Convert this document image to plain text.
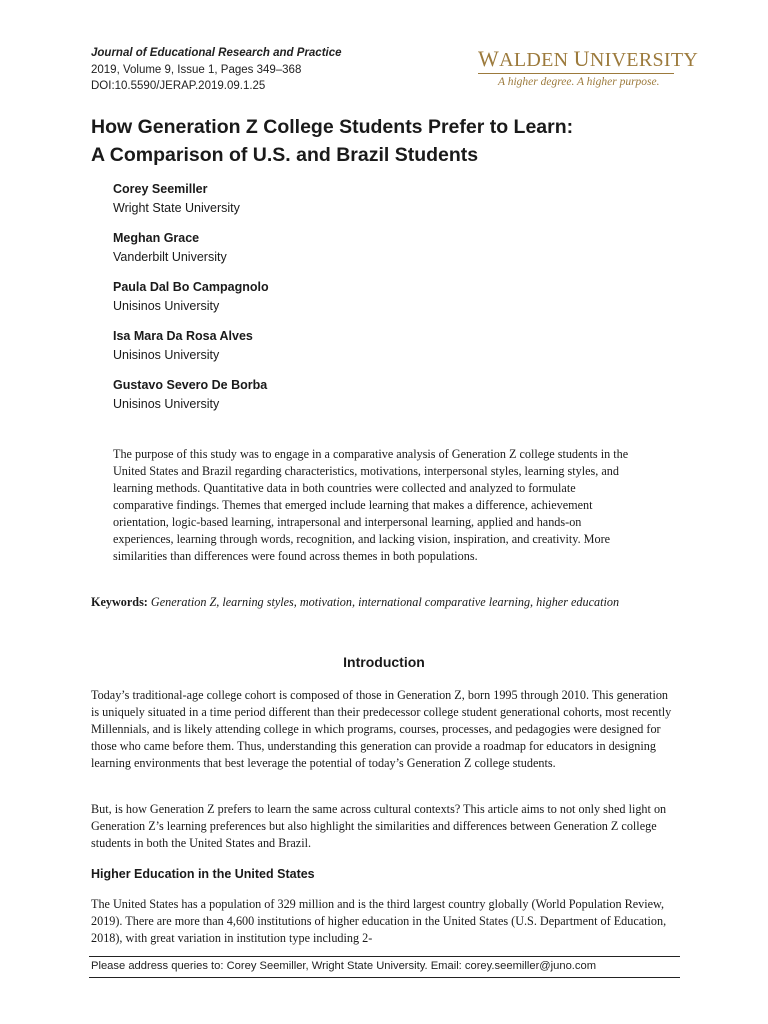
Journal of Educational Research and Practice
2019, Volume 9, Issue 1, Pages 349–368
DOI:10.5590/JERAP.2019.09.1.25
WALDEN UNIVERSITY
A higher degree. A higher purpose.
How Generation Z College Students Prefer to Learn:
A Comparison of U.S. and Brazil Students
Corey Seemiller
Wright State University
Meghan Grace
Vanderbilt University
Paula Dal Bo Campagnolo
Unisinos University
Isa Mara Da Rosa Alves
Unisinos University
Gustavo Severo De Borba
Unisinos University
The purpose of this study was to engage in a comparative analysis of Generation Z college students in the United States and Brazil regarding characteristics, motivations, interpersonal styles, learning styles, and learning methods. Quantitative data in both countries were collected and analyzed to formulate comparative findings. Themes that emerged include learning that makes a difference, achievement orientation, logic-based learning, intrapersonal and interpersonal learning, applied and hands-on experiences, learning through words, recognition, and lacking vision, inspiration, and creativity. More similarities than differences were found across themes in both populations.
Keywords: Generation Z, learning styles, motivation, international comparative learning, higher education
Introduction
Today’s traditional-age college cohort is composed of those in Generation Z, born 1995 through 2010. This generation is uniquely situated in a time period different than their predecessor college student generational cohorts, most recently Millennials, and is likely attending college in which programs, courses, processes, and pedagogies were designed for those who came before them. Thus, understanding this generation can provide a roadmap for educators in designing learning environments that best leverage the potential of today’s Generation Z college students.
But, is how Generation Z prefers to learn the same across cultural contexts? This article aims to not only shed light on Generation Z’s learning preferences but also highlight the similarities and differences between Generation Z college students in both the United States and Brazil.
Higher Education in the United States
The United States has a population of 329 million and is the third largest country globally (World Population Review, 2019). There are more than 4,600 institutions of higher education in the United States (U.S. Department of Education, 2018), with great variation in institution type including 2-
Please address queries to: Corey Seemiller, Wright State University. Email: corey.seemiller@juno.com
